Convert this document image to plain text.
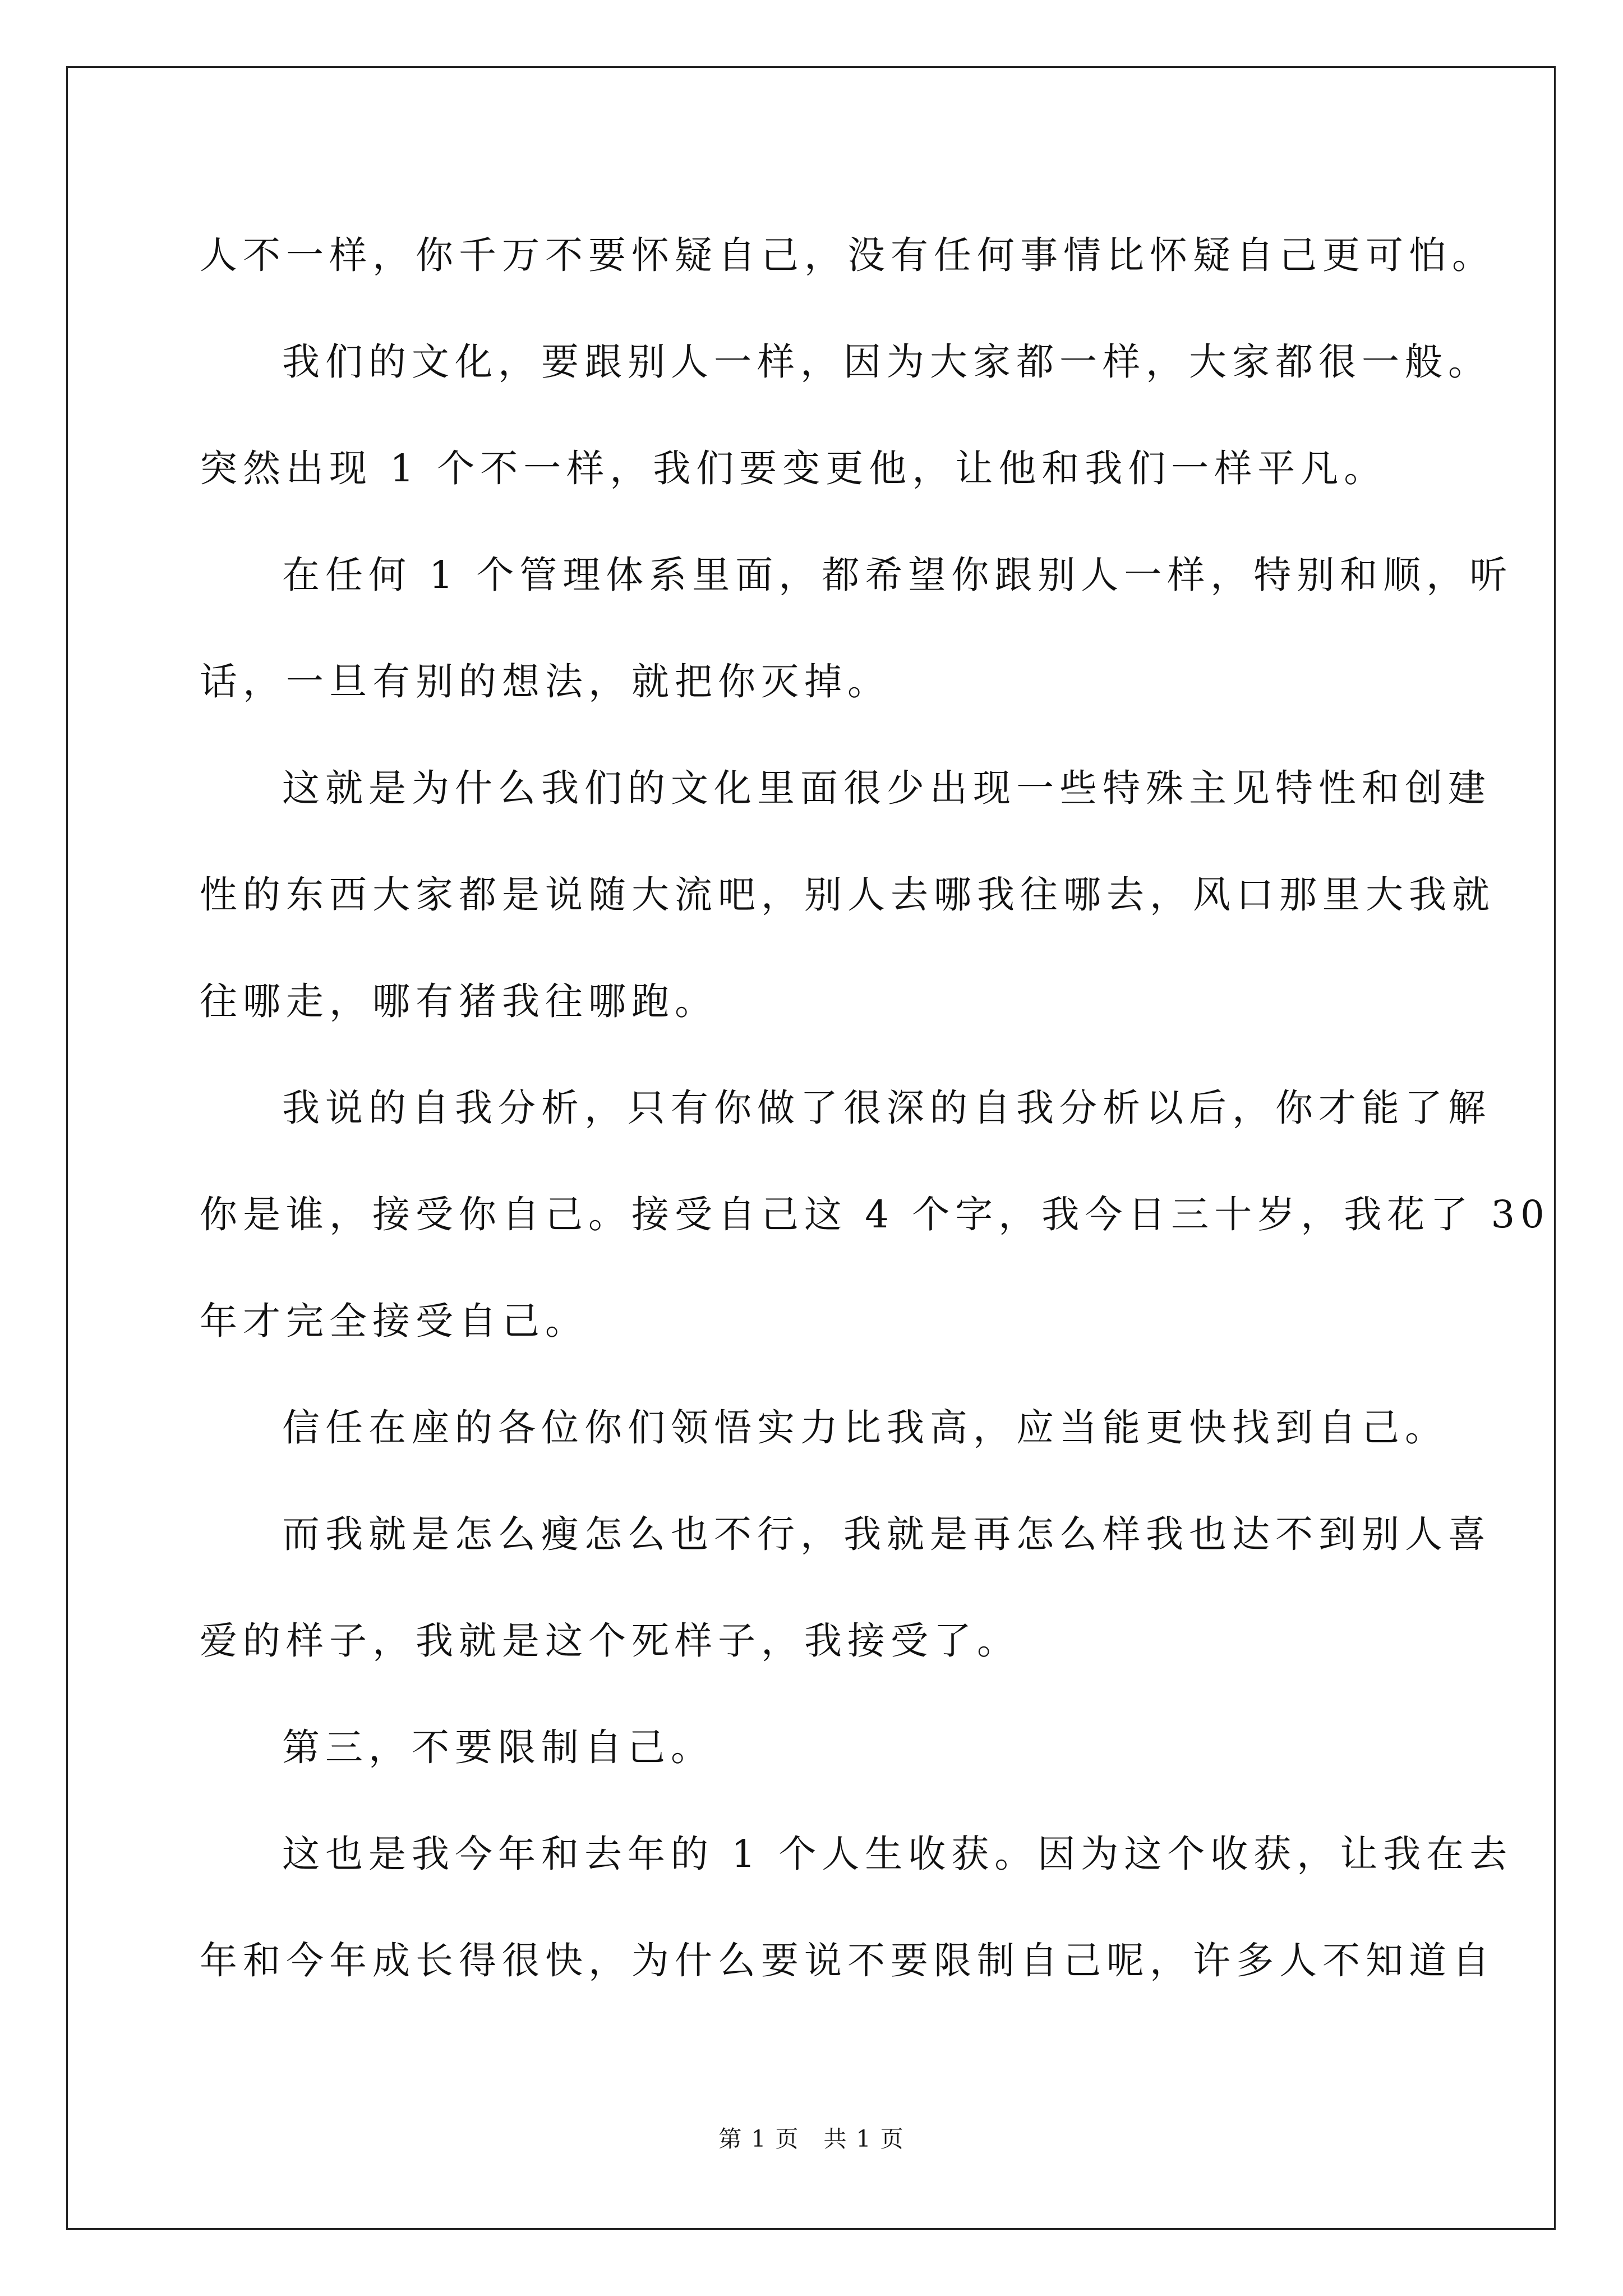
人不一样，你千万不要怀疑自己，没有任何事情比怀疑自己更可怕。
我们的文化，要跟别人一样，因为大家都一样，大家都很一般。
突然出现 1 个不一样，我们要变更他，让他和我们一样平凡。
在任何 1 个管理体系里面，都希望你跟别人一样，特别和顺，听
话，一旦有别的想法，就把你灭掉。
这就是为什么我们的文化里面很少出现一些特殊主见特性和创建
性的东西大家都是说随大流吧，别人去哪我往哪去，风口那里大我就
往哪走，哪有猪我往哪跑。
我说的自我分析，只有你做了很深的自我分析以后，你才能了解
你是谁，接受你自己。接受自己这 4 个字，我今日三十岁，我花了 30
年才完全接受自己。
信任在座的各位你们领悟实力比我高，应当能更快找到自己。
而我就是怎么瘦怎么也不行，我就是再怎么样我也达不到别人喜
爱的样子，我就是这个死样子，我接受了。
第三，不要限制自己。
这也是我今年和去年的 1 个人生收获。因为这个收获，让我在去
年和今年成长得很快，为什么要说不要限制自己呢，许多人不知道自
第 1 页　共 1 页
